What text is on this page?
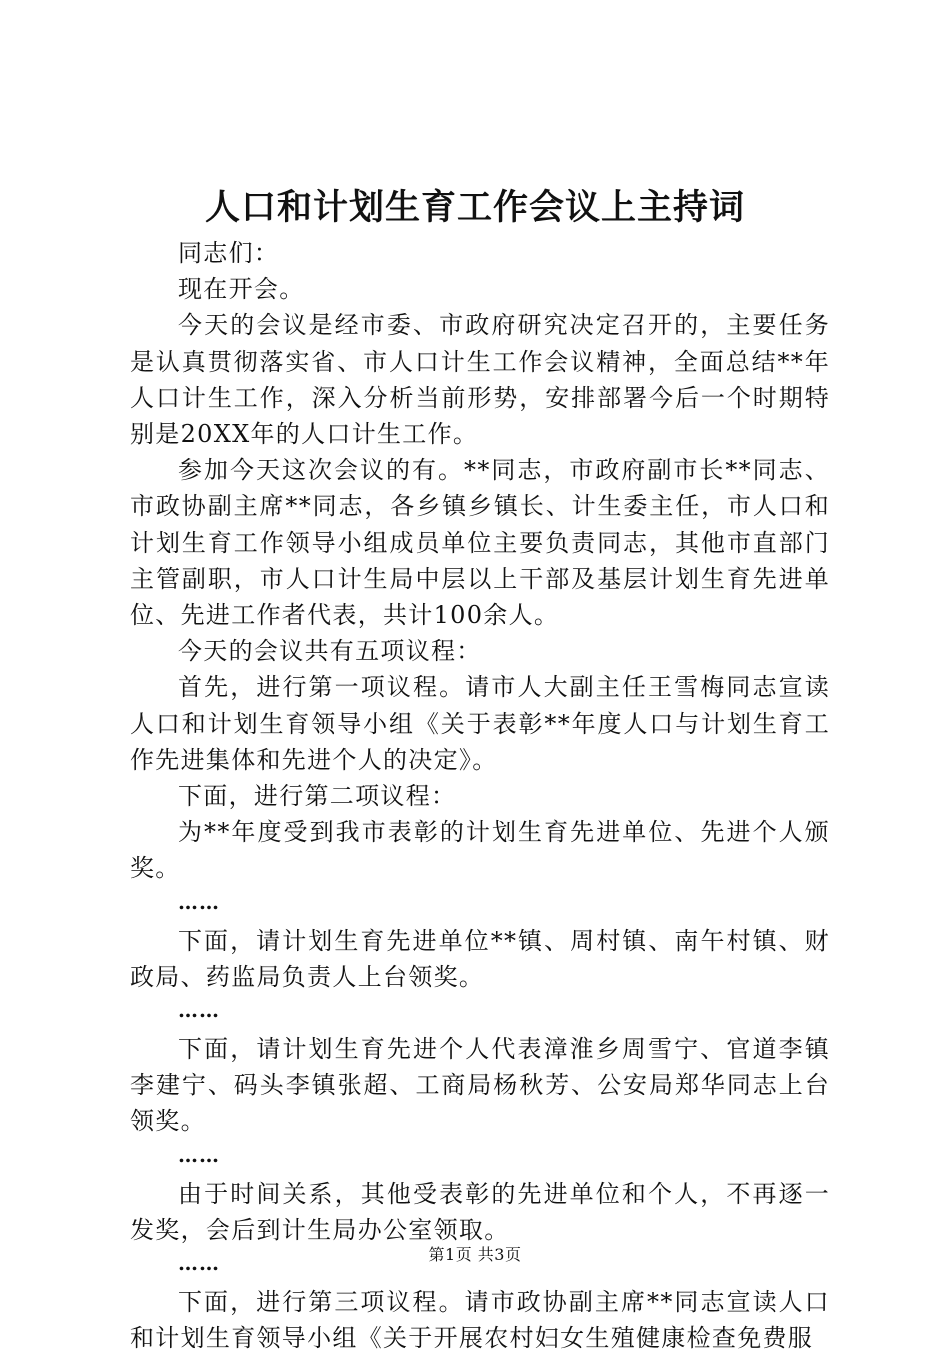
人口和计划生育工作会议上主持词

同志们：

现在开会。

今天的会议是经市委、市政府研究决定召开的，主要任务是认真贯彻落实省、市人口计生工作会议精神，全面总结**年人口计生工作，深入分析当前形势，安排部署今后一个时期特别是20XX年的人口计生工作。

参加今天这次会议的有。**同志，市政府副市长**同志、市政协副主席**同志，各乡镇乡镇长、计生委主任，市人口和计划生育工作领导小组成员单位主要负责同志，其他市直部门主管副职，市人口计生局中层以上干部及基层计划生育先进单位、先进工作者代表，共计100余人。

今天的会议共有五项议程：

首先，进行第一项议程。请市人大副主任王雪梅同志宣读人口和计划生育领导小组《关于表彰**年度人口与计划生育工作先进集体和先进个人的决定》。

下面，进行第二项议程：

为**年度受到我市表彰的计划生育先进单位、先进个人颁奖。

……

下面，请计划生育先进单位**镇、周村镇、南午村镇、财政局、药监局负责人上台领奖。

……

下面，请计划生育先进个人代表漳淮乡周雪宁、官道李镇李建宁、码头李镇张超、工商局杨秋芳、公安局郑华同志上台领奖。

……

由于时间关系，其他受表彰的先进单位和个人，不再逐一发奖，会后到计生局办公室领取。

……

下面，进行第三项议程。请市政协副主席**同志宣读人口和计划生育领导小组《关于开展农村妇女生殖健康检查免费服

第1页 共3页
